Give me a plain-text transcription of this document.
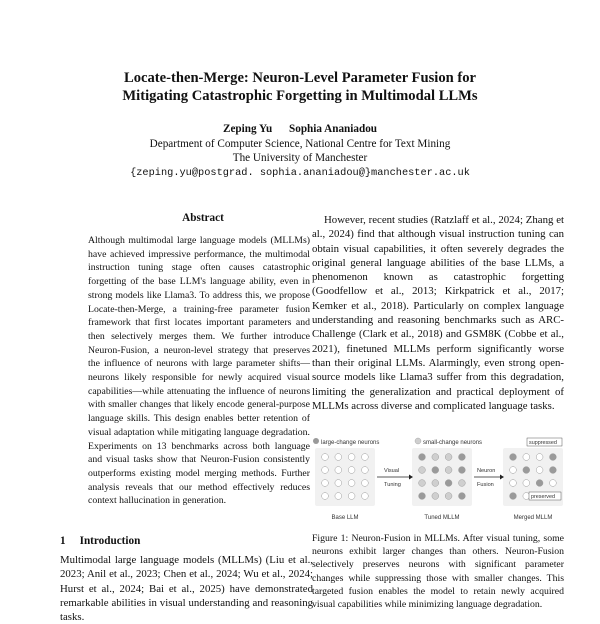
Locate-then-Merge: Neuron-Level Parameter Fusion for
Mitigating Catastrophic Forgetting in Multimodal LLMs
Zeping Yu Sophia Ananiadou
Department of Computer Science, National Centre for Text Mining
The University of Manchester
{zeping.yu@postgrad. sophia.ananiadou@}manchester.ac.uk
Abstract
Although multimodal large language models (MLLMs) have achieved impressive performance, the multimodal instruction tuning stage often causes catastrophic forgetting of the base LLM's language ability, even in strong models like Llama3. To address this, we propose Locate-then-Merge, a training-free parameter fusion framework that first locates important parameters and then selectively merges them. We further introduce Neuron-Fusion, a neuron-level strategy that preserves the influence of neurons with large parameter shifts—neurons likely responsible for newly acquired visual capabilities—while attenuating the influence of neurons with smaller changes that likely encode general-purpose language skills. This design enables better retention of visual adaptation while mitigating language degradation. Experiments on 13 benchmarks across both language and visual tasks show that Neuron-Fusion consistently outperforms existing model merging methods. Further analysis reveals that our method effectively reduces context hallucination in generation.
1 Introduction
Multimodal large language models (MLLMs) (Liu et al., 2023; Anil et al., 2023; Chen et al., 2024; Wu et al., 2024; Hurst et al., 2024; Bai et al., 2025) have demonstrated remarkable abilities in visual understanding and reasoning tasks.
However, recent studies (Ratzlaff et al., 2024; Zhang et al., 2024) find that although visual instruction tuning can obtain visual capabilities, it often severely degrades the original general language abilities of the base LLMs, a phenomenon known as catastrophic forgetting (Goodfellow et al., 2013; Kirkpatrick et al., 2017; Kemker et al., 2018). Particularly on complex language understanding and reasoning benchmarks such as ARC-Challenge (Clark et al., 2018) and GSM8K (Cobbe et al., 2021), finetuned MLLMs perform significantly worse than their original LLMs. Alarmingly, even strong open-source models like Llama3 suffer from this degradation, limiting the generalization and practical deployment of MLLMs across diverse and complicated language tasks.
large-change neurons	small-change neurons
Visual
Tuning
Neuron
Fusion
suppressed
preserved
Base LLM	Tuned MLLM	Merged MLLM
Figure 1: Neuron-Fusion in MLLMs. After visual tuning, some neurons exhibit larger changes than others. Neuron-Fusion selectively preserves neurons with significant parameter changes while suppressing those with smaller changes. This targeted fusion enables the model to retain newly acquired visual capabilities while minimizing language degradation.
